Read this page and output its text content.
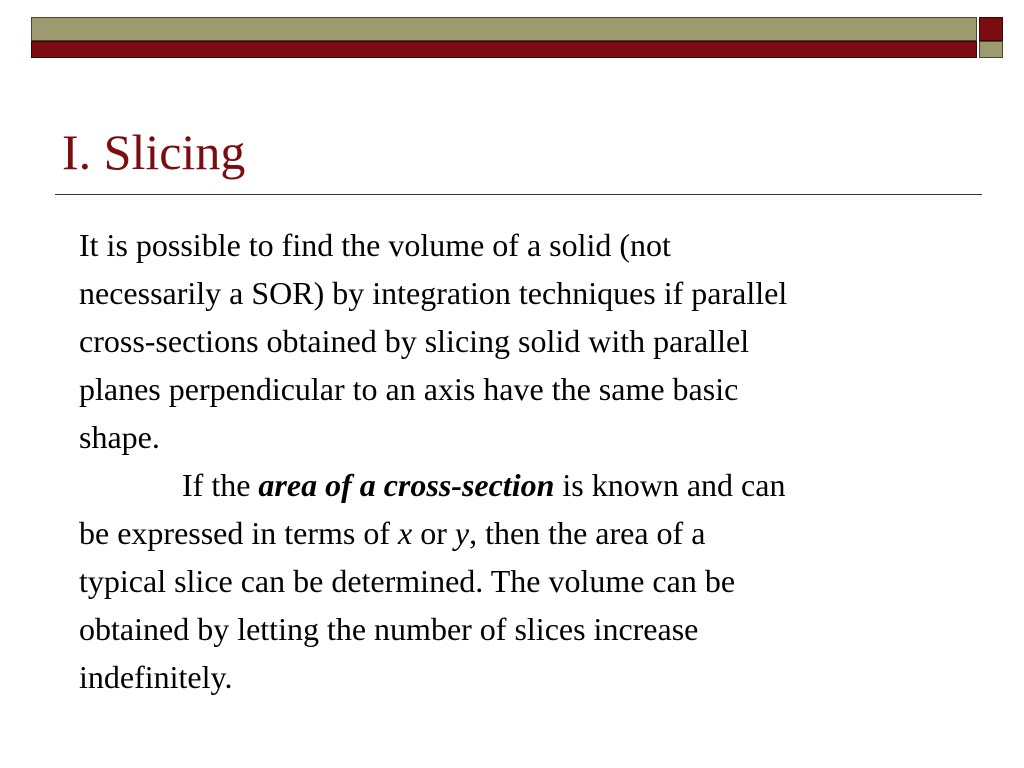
I. Slicing
It is possible to find the volume of a solid (not
necessarily a SOR) by integration techniques if parallel
cross-sections obtained by slicing solid with parallel
planes perpendicular to an axis have the same basic
shape.
If the area of a cross-section is known and can
be expressed in terms of x or y, then the area of a
typical slice can be determined. The volume can be
obtained by letting the number of slices increase
indefinitely.
